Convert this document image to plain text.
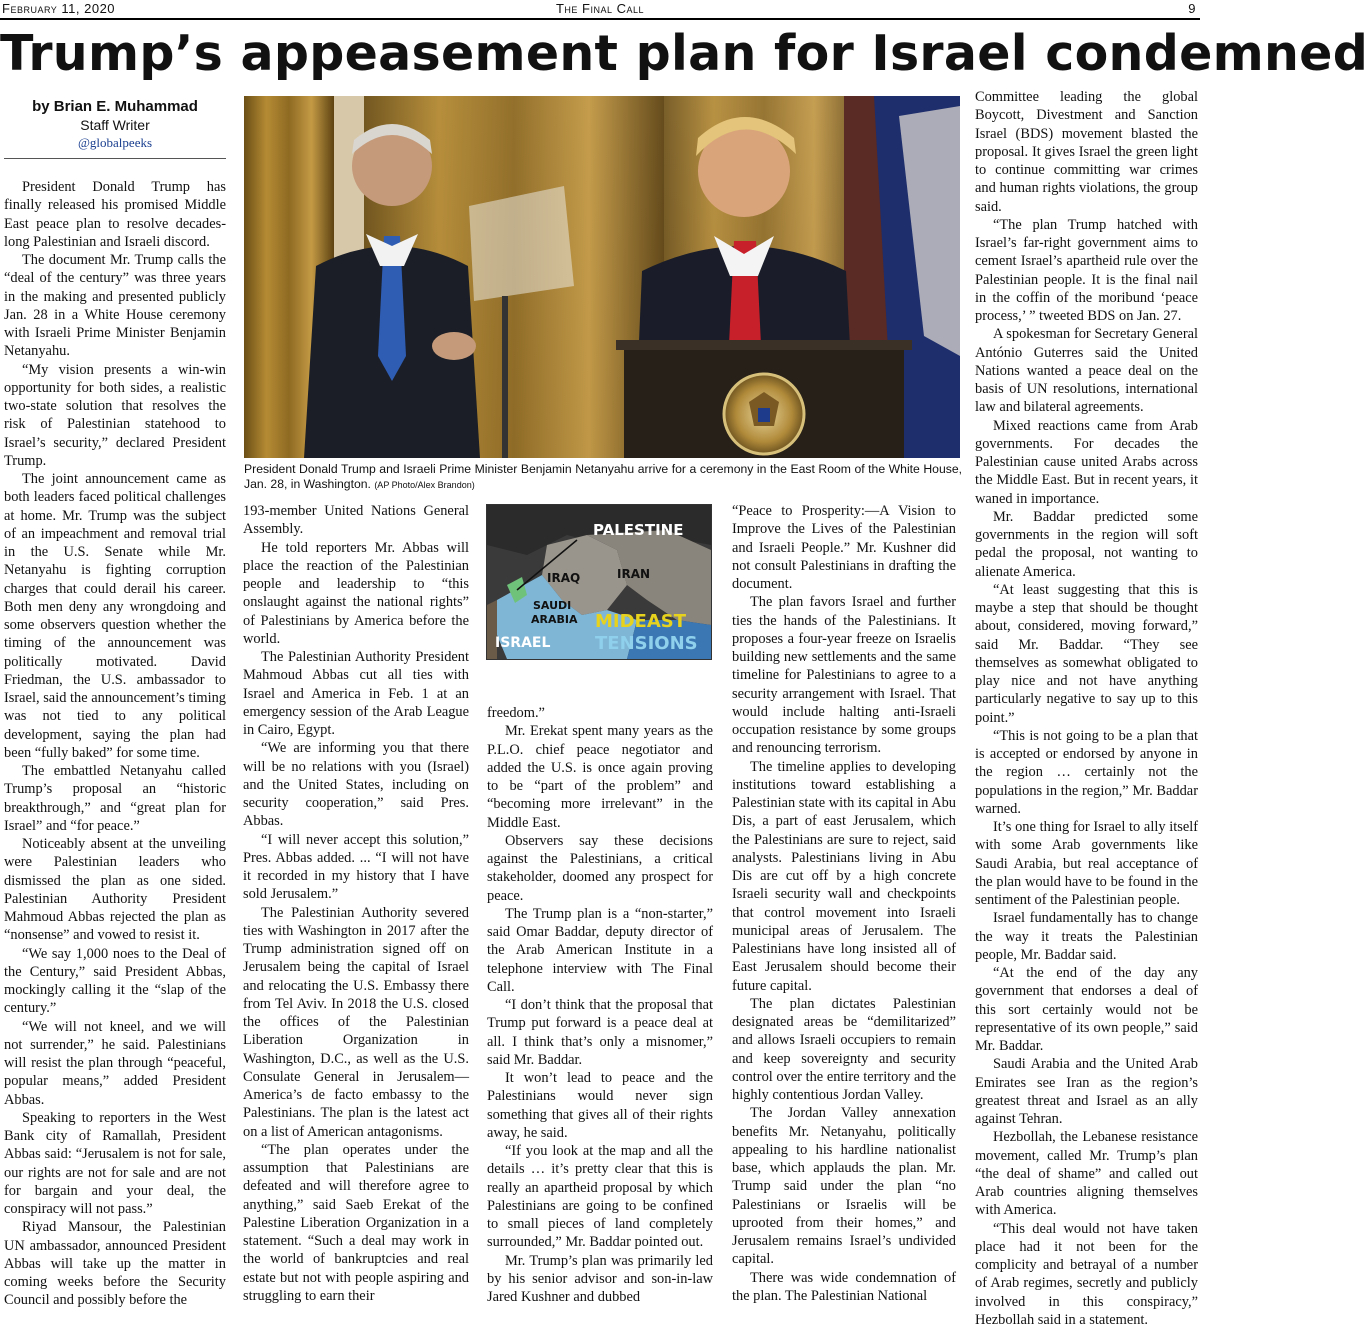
February 11, 2020	The Final Call	9
Trump’s appeasement plan for Israel condemned
by Brian E. Muhammad
Staff Writer
@globalpeeks

President Donald Trump has finally released his promised Middle East peace plan to resolve decades-long Palestinian and Israeli discord.

The document Mr. Trump calls the “deal of the century” was three years in the making and presented publicly Jan. 28 in a White House ceremony with Israeli Prime Minister Benjamin Netanyahu.

“My vision presents a win-win opportunity for both sides, a realistic two-state solution that resolves the risk of Palestinian statehood to Israel’s security,” declared President Trump.

The joint announcement came as both leaders faced political challenges at home. Mr. Trump was the subject of an impeachment and removal trial in the U.S. Senate while Mr. Netanyahu is fighting corruption charges that could derail his career. Both men deny any wrongdoing and some observers question whether the timing of the announcement was politically motivated. David Friedman, the U.S. ambassador to Israel, said the announcement’s timing was not tied to any political development, saying the plan had been “fully baked” for some time.

The embattled Netanyahu called Trump’s proposal an “historic breakthrough,” and “great plan for Israel” and “for peace.”

Noticeably absent at the unveiling were Palestinian leaders who dismissed the plan as one sided. Palestinian Authority President Mahmoud Abbas rejected the plan as “nonsense” and vowed to resist it.

“We say 1,000 noes to the Deal of the Century,” said President Abbas, mockingly calling it the “slap of the century.”

“We will not kneel, and we will not surrender,” he said. Palestinians will resist the plan through “peaceful, popular means,” added President Abbas.

Speaking to reporters in the West Bank city of Ramallah, President Abbas said: “Jerusalem is not for sale, our rights are not for sale and are not for bargain and your deal, the conspiracy will not pass.”

Riyad Mansour, the Palestinian UN ambassador, announced President Abbas will take up the matter in coming weeks before the Security Council and possibly before the

President Donald Trump and Israeli Prime Minister Benjamin Netanyahu arrive for a ceremony in the East Room of the White House, Jan. 28, in Washington. (AP Photo/Alex Brandon)

193-member United Nations General Assembly.

He told reporters Mr. Abbas will place the reaction of the Palestinian people and leadership to “this onslaught against the national rights” of Palestinians by America before the world.

The Palestinian Authority President Mahmoud Abbas cut all ties with Israel and America in Feb. 1 at an emergency session of the Arab League in Cairo, Egypt.

“We are informing you that there will be no relations with you (Israel) and the United States, including on security cooperation,” said Pres. Abbas.

“I will never accept this solution,” Pres. Abbas added. ... “I will not have it recorded in my history that I have sold Jerusalem.”

The Palestinian Authority severed ties with Washington in 2017 after the Trump administration signed off on Jerusalem being the capital of Israel and relocating the U.S. Embassy there from Tel Aviv. In 2018 the U.S. closed the offices of the Palestinian Liberation Organization in Washington, D.C., as well as the U.S. Consulate General in Jerusalem—America’s de facto embassy to the Palestinians. The plan is the latest act on a list of American antagonisms.

“The plan operates under the assumption that Palestinians are defeated and will therefore agree to anything,” said Saeb Erekat of the Palestine Liberation Organization in a statement. “Such a deal may work in the world of bankruptcies and real estate but not with people aspiring and struggling to earn their

PALESTINE
IRAQ	IRAN
SAUDI
ARABIA
ISRAEL
MIDEAST
TENSIONS

freedom.”

Mr. Erekat spent many years as the P.L.O. chief peace negotiator and added the U.S. is once again proving to be “part of the problem” and “becoming more irrelevant” in the Middle East.

Observers say these decisions against the Palestinians, a critical stakeholder, doomed any prospect for peace.

The Trump plan is a “non-starter,” said Omar Baddar, deputy director of the Arab American Institute in a telephone interview with The Final Call.

“I don’t think that the proposal that Trump put forward is a peace deal at all. I think that’s only a misnomer,” said Mr. Baddar.

It won’t lead to peace and the Palestinians would never sign something that gives all of their rights away, he said.

“If you look at the map and all the details … it’s pretty clear that this is really an apartheid proposal by which Palestinians are going to be confined to small pieces of land completely surrounded,” Mr. Baddar pointed out.

Mr. Trump’s plan was primarily led by his senior advisor and son-in-law Jared Kushner and dubbed

“Peace to Prosperity:—A Vision to Improve the Lives of the Palestinian and Israeli People.” Mr. Kushner did not consult Palestinians in drafting the document.

The plan favors Israel and further ties the hands of the Palestinians. It proposes a four-year freeze on Israelis building new settlements and the same timeline for Palestinians to agree to a security arrangement with Israel. That would include halting anti-Israeli occupation resistance by some groups and renouncing terrorism.

The timeline applies to developing institutions toward establishing a Palestinian state with its capital in Abu Dis, a part of east Jerusalem, which the Palestinians are sure to reject, said analysts. Palestinians living in Abu Dis are cut off by a high concrete Israeli security wall and checkpoints that control movement into Israeli municipal areas of Jerusalem. The Palestinians have long insisted all of East Jerusalem should become their future capital.

The plan dictates Palestinian designated areas be “demilitarized” and allows Israeli occupiers to remain and keep sovereignty and security control over the entire territory and the highly contentious Jordan Valley.

The Jordan Valley annexation benefits Mr. Netanyahu, politically appealing to his hardline nationalist base, which applauds the plan. Mr. Trump said under the plan “no Palestinians or Israelis will be uprooted from their homes,” and Jerusalem remains Israel’s undivided capital.

There was wide condemnation of the plan. The Palestinian National

Committee leading the global Boycott, Divestment and Sanction Israel (BDS) movement blasted the proposal. It gives Israel the green light to continue committing war crimes and human rights violations, the group said.

“The plan Trump hatched with Israel’s far-right government aims to cement Israel’s apartheid rule over the Palestinian people. It is the final nail in the coffin of the moribund ‘peace process,’ ” tweeted BDS on Jan. 27.

A spokesman for Secretary General António Guterres said the United Nations wanted a peace deal on the basis of UN resolutions, international law and bilateral agreements.

Mixed reactions came from Arab governments. For decades the Palestinian cause united Arabs across the Middle East. But in recent years, it waned in importance.

Mr. Baddar predicted some governments in the region will soft pedal the proposal, not wanting to alienate America.

“At least suggesting that this is maybe a step that should be thought about, considered, moving forward,” said Mr. Baddar. “They see themselves as somewhat obligated to play nice and not have anything particularly negative to say up to this point.”

“This is not going to be a plan that is accepted or endorsed by anyone in the region … certainly not the populations in the region,” Mr. Baddar warned.

It’s one thing for Israel to ally itself with some Arab governments like Saudi Arabia, but real acceptance of the plan would have to be found in the sentiment of the Palestinian people.

Israel fundamentally has to change the way it treats the Palestinian people, Mr. Baddar said.

“At the end of the day any government that endorses a deal of this sort certainly would not be representative of its own people,” said Mr. Baddar.

Saudi Arabia and the United Arab Emirates see Iran as the region’s greatest threat and Israel as an ally against Tehran.

Hezbollah, the Lebanese resistance movement, called Mr. Trump’s plan “the deal of shame” and called out Arab countries aligning themselves with America.

“This deal would not have taken place had it not been for the complicity and betrayal of a number of Arab regimes, secretly and publicly involved in this conspiracy,” Hezbollah said in a statement.
